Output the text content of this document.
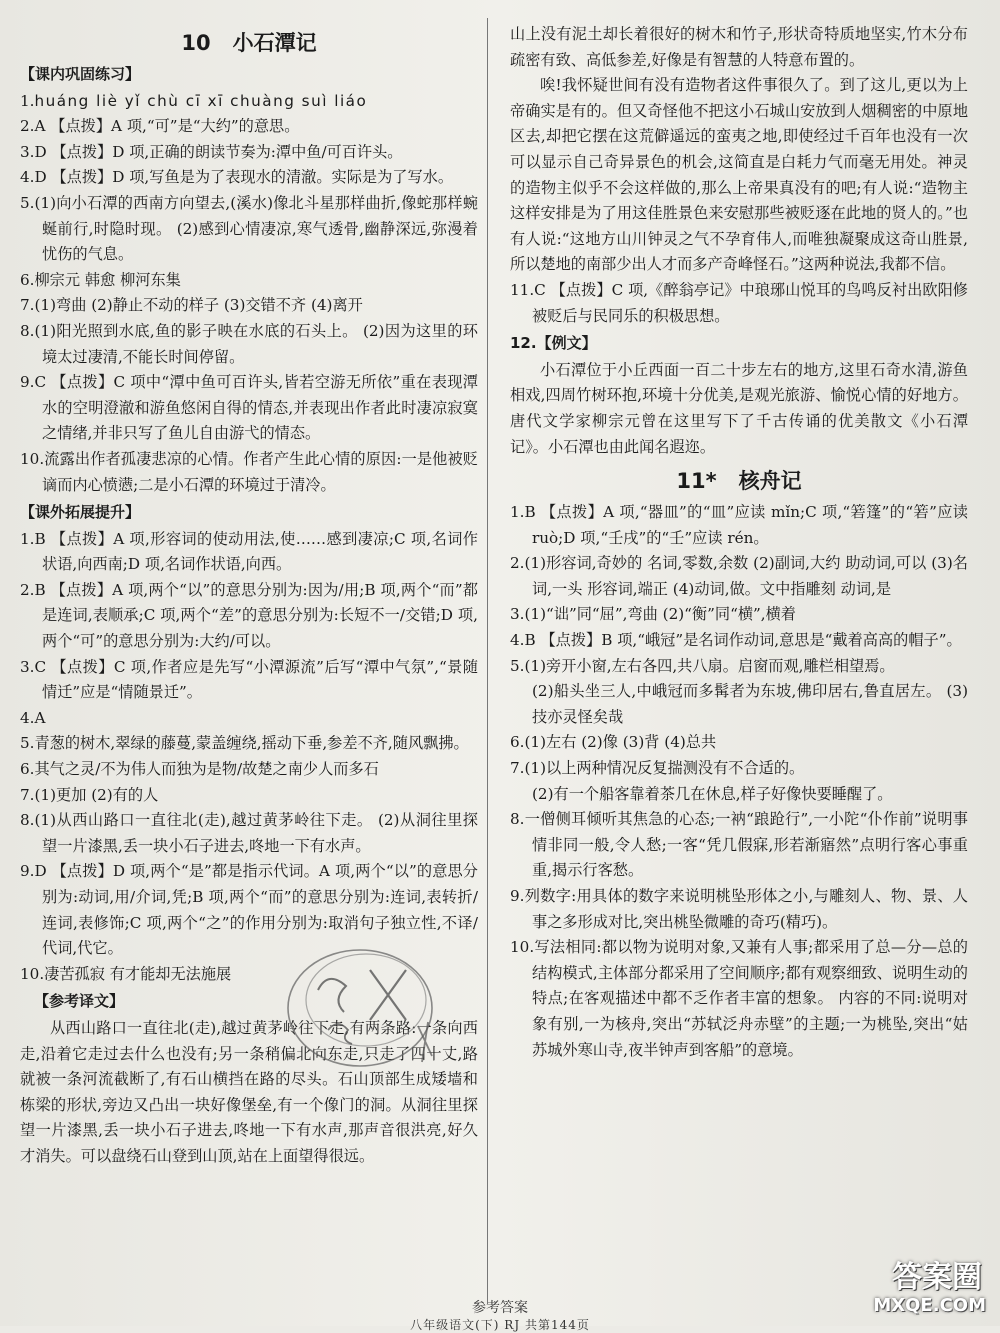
10 小石潭记
【课内巩固练习】

1.huáng liè yǐ chù cī xī chuàng suì liáo

2.A 【点拨】A 项,“可”是“大约”的意思。

3.D 【点拨】D 项,正确的朗读节奏为:潭中鱼/可百许头。

4.D 【点拨】D 项,写鱼是为了表现水的清澈。实际是为了写水。

5.(1)向小石潭的西南方向望去,(溪水)像北斗星那样曲折,像蛇那样蜿蜒前行,时隐时现。 (2)感到心情凄凉,寒气透骨,幽静深远,弥漫着忧伤的气息。

6.柳宗元 韩愈 柳河东集

7.(1)弯曲 (2)静止不动的样子 (3)交错不齐 (4)离开

8.(1)阳光照到水底,鱼的影子映在水底的石头上。 (2)因为这里的环境太过凄清,不能长时间停留。

9.C 【点拨】C 项中“潭中鱼可百许头,皆若空游无所依”重在表现潭水的空明澄澈和游鱼悠闲自得的情态,并表现出作者此时凄凉寂寞之情绪,并非只写了鱼儿自由游弋的情态。

10.流露出作者孤凄悲凉的心情。作者产生此心情的原因:一是他被贬谪而内心愤懑;二是小石潭的环境过于清冷。

【课外拓展提升】

1.B 【点拨】A 项,形容词的使动用法,使……感到凄凉;C 项,名词作状语,向西南;D 项,名词作状语,向西。

2.B 【点拨】A 项,两个“以”的意思分别为:因为/用;B 项,两个“而”都是连词,表顺承;C 项,两个“差”的意思分别为:长短不一/交错;D 项,两个“可”的意思分别为:大约/可以。

3.C 【点拨】C 项,作者应是先写“小潭源流”后写“潭中气氛”,“景随情迁”应是“情随景迁”。

4.A

5.青葱的树木,翠绿的藤蔓,蒙盖缠绕,摇动下垂,参差不齐,随风飘拂。

6.其气之灵/不为伟人而独为是物/故楚之南少人而多石

7.(1)更加 (2)有的人

8.(1)从西山路口一直往北(走),越过黄茅岭往下走。 (2)从洞往里探望一片漆黑,丢一块小石子进去,咚地一下有水声。

9.D 【点拨】D 项,两个“是”都是指示代词。A 项,两个“以”的意思分别为:动词,用/介词,凭;B 项,两个“而”的意思分别为:连词,表转折/连词,表修饰;C 项,两个“之”的作用分别为:取消句子独立性,不译/代词,代它。

10.凄苦孤寂 有才能却无法施展

【参考译文】

从西山路口一直往北(走),越过黄茅岭往下走,有两条路:一条向西走,沿着它走过去什么也没有;另一条稍偏北向东走,只走了四十丈,路就被一条河流截断了,有石山横挡在路的尽头。石山顶部生成矮墙和栋梁的形状,旁边又凸出一块好像堡垒,有一个像门的洞。从洞往里探望一片漆黑,丢一块小石子进去,咚地一下有水声,那声音很洪亮,好久才消失。可以盘绕石山登到山顶,站在上面望得很远。

山上没有泥土却长着很好的树木和竹子,形状奇特质地坚实,竹木分布疏密有致、高低参差,好像是有智慧的人特意布置的。

唉!我怀疑世间有没有造物者这件事很久了。到了这儿,更以为上帝确实是有的。但又奇怪他不把这小石城山安放到人烟稠密的中原地区去,却把它摆在这荒僻遥远的蛮夷之地,即使经过千百年也没有一次可以显示自己奇异景色的机会,这简直是白耗力气而毫无用处。神灵的造物主似乎不会这样做的,那么上帝果真没有的吧;有人说:“造物主这样安排是为了用这佳胜景色来安慰那些被贬逐在此地的贤人的。”也有人说:“这地方山川钟灵之气不孕育伟人,而唯独凝聚成这奇山胜景,所以楚地的南部少出人才而多产奇峰怪石。”这两种说法,我都不信。

11.C 【点拨】C 项,《醉翁亭记》中琅琊山悦耳的鸟鸣反衬出欧阳修被贬后与民同乐的积极思想。

12.【例文】

小石潭位于小丘西面一百二十步左右的地方,这里石奇水清,游鱼相戏,四周竹树环抱,环境十分优美,是观光旅游、愉悦心情的好地方。唐代文学家柳宗元曾在这里写下了千古传诵的优美散文《小石潭记》。小石潭也由此闻名遐迩。

11* 核舟记

1.B 【点拨】A 项,“器皿”的“皿”应读 mǐn;C 项,“箬篷”的“箬”应读 ruò;D 项,“壬戌”的“壬”应读 rén。

2.(1)形容词,奇妙的 名词,零数,余数 (2)副词,大约 助动词,可以 (3)名词,一头 形容词,端正 (4)动词,做。文中指雕刻 动词,是

3.(1)“诎”同“屈”,弯曲 (2)“衡”同“横”,横着

4.B 【点拨】B 项,“峨冠”是名词作动词,意思是“戴着高高的帽子”。

5.(1)旁开小窗,左右各四,共八扇。启窗而观,雕栏相望焉。

(2)船头坐三人,中峨冠而多髯者为东坡,佛印居右,鲁直居左。 (3)技亦灵怪矣哉

6.(1)左右 (2)像 (3)背 (4)总共

7.(1)以上两种情况反复揣测没有不合适的。

(2)有一个船客靠着茶几在休息,样子好像快要睡醒了。

8.一僧侧耳倾听其焦急的心态;一衲“踉跄行”,一小陀“仆作前”说明事情非同一般,令人愁;一客“凭几假寐,形若渐寤然”点明行客心事重重,揭示行客愁。

9.列数字:用具体的数字来说明桃坠形体之小,与雕刻人、物、景、人事之多形成对比,突出桃坠微雕的奇巧(精巧)。

10.写法相同:都以物为说明对象,又兼有人事;都采用了总—分—总的结构模式,主体部分都采用了空间顺序;都有观察细致、说明生动的特点;在客观描述中都不乏作者丰富的想象。 内容的不同:说明对象有别,一为核舟,突出“苏轼泛舟赤壁”的主题;一为桃坠,突出“姑苏城外寒山寺,夜半钟声到客船”的意境。

参考答案
八年级语文(下) RJ 共第144页
答案圈
MXQE.COM
